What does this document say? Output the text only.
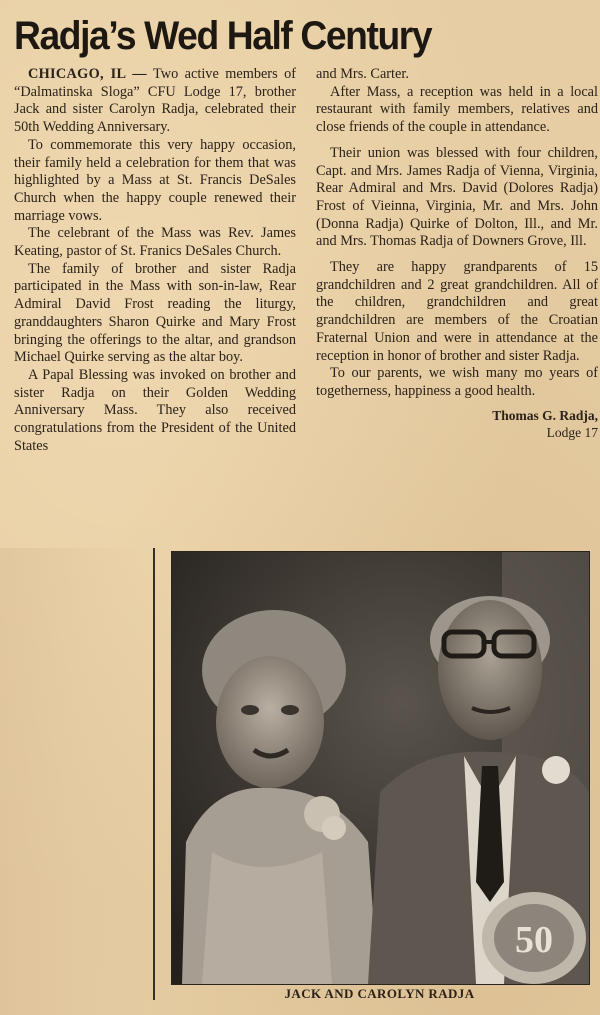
Radja’s Wed Half Century

CHICAGO, IL — Two active members of “Dalmatinska Sloga” CFU Lodge 17, brother Jack and sister Carolyn Radja, celebrated their 50th Wedding Anniversary.

To commemorate this very happy occasion, their family held a celebration for them that was highlighted by a Mass at St. Francis DeSales Church when the happy couple renewed their marriage vows.

The celebrant of the Mass was Rev. James Keating, pastor of St. Franics DeSales Church.

The family of brother and sister Radja participated in the Mass with son-in-law, Rear Admiral David Frost reading the liturgy, granddaughters Sharon Quirke and Mary Frost bringing the offerings to the altar, and grandson Michael Quirke serving as the altar boy.

A Papal Blessing was invoked on brother and sister Radja on their Golden Wedding Anniversary Mass. They also received congratulations from the President of the United States

and Mrs. Carter.

After Mass, a reception was held in a local restaurant with family members, relatives and close friends of the couple in attendance.

Their union was blessed with four children, Capt. and Mrs. James Radja of Vienna, Virginia, Rear Admiral and Mrs. David (Dolores Radja) Frost of Vieinna, Virginia, Mr. and Mrs. John (Donna Radja) Quirke of Dolton, Ill., and Mr. and Mrs. Thomas Radja of Downers Grove, Ill.

They are happy grandparents of 15 grandchildren and 2 great grandchildren. All of the children, grandchildren and great grandchildren are members of the Croatian Fraternal Union and were in attendance at the reception in honor of brother and sister Radja.

To our parents, we wish many mo years of togetherness, happiness a good health.

Thomas G. Radja,
Lodge 17
50
JACK AND CAROLYN RADJA
